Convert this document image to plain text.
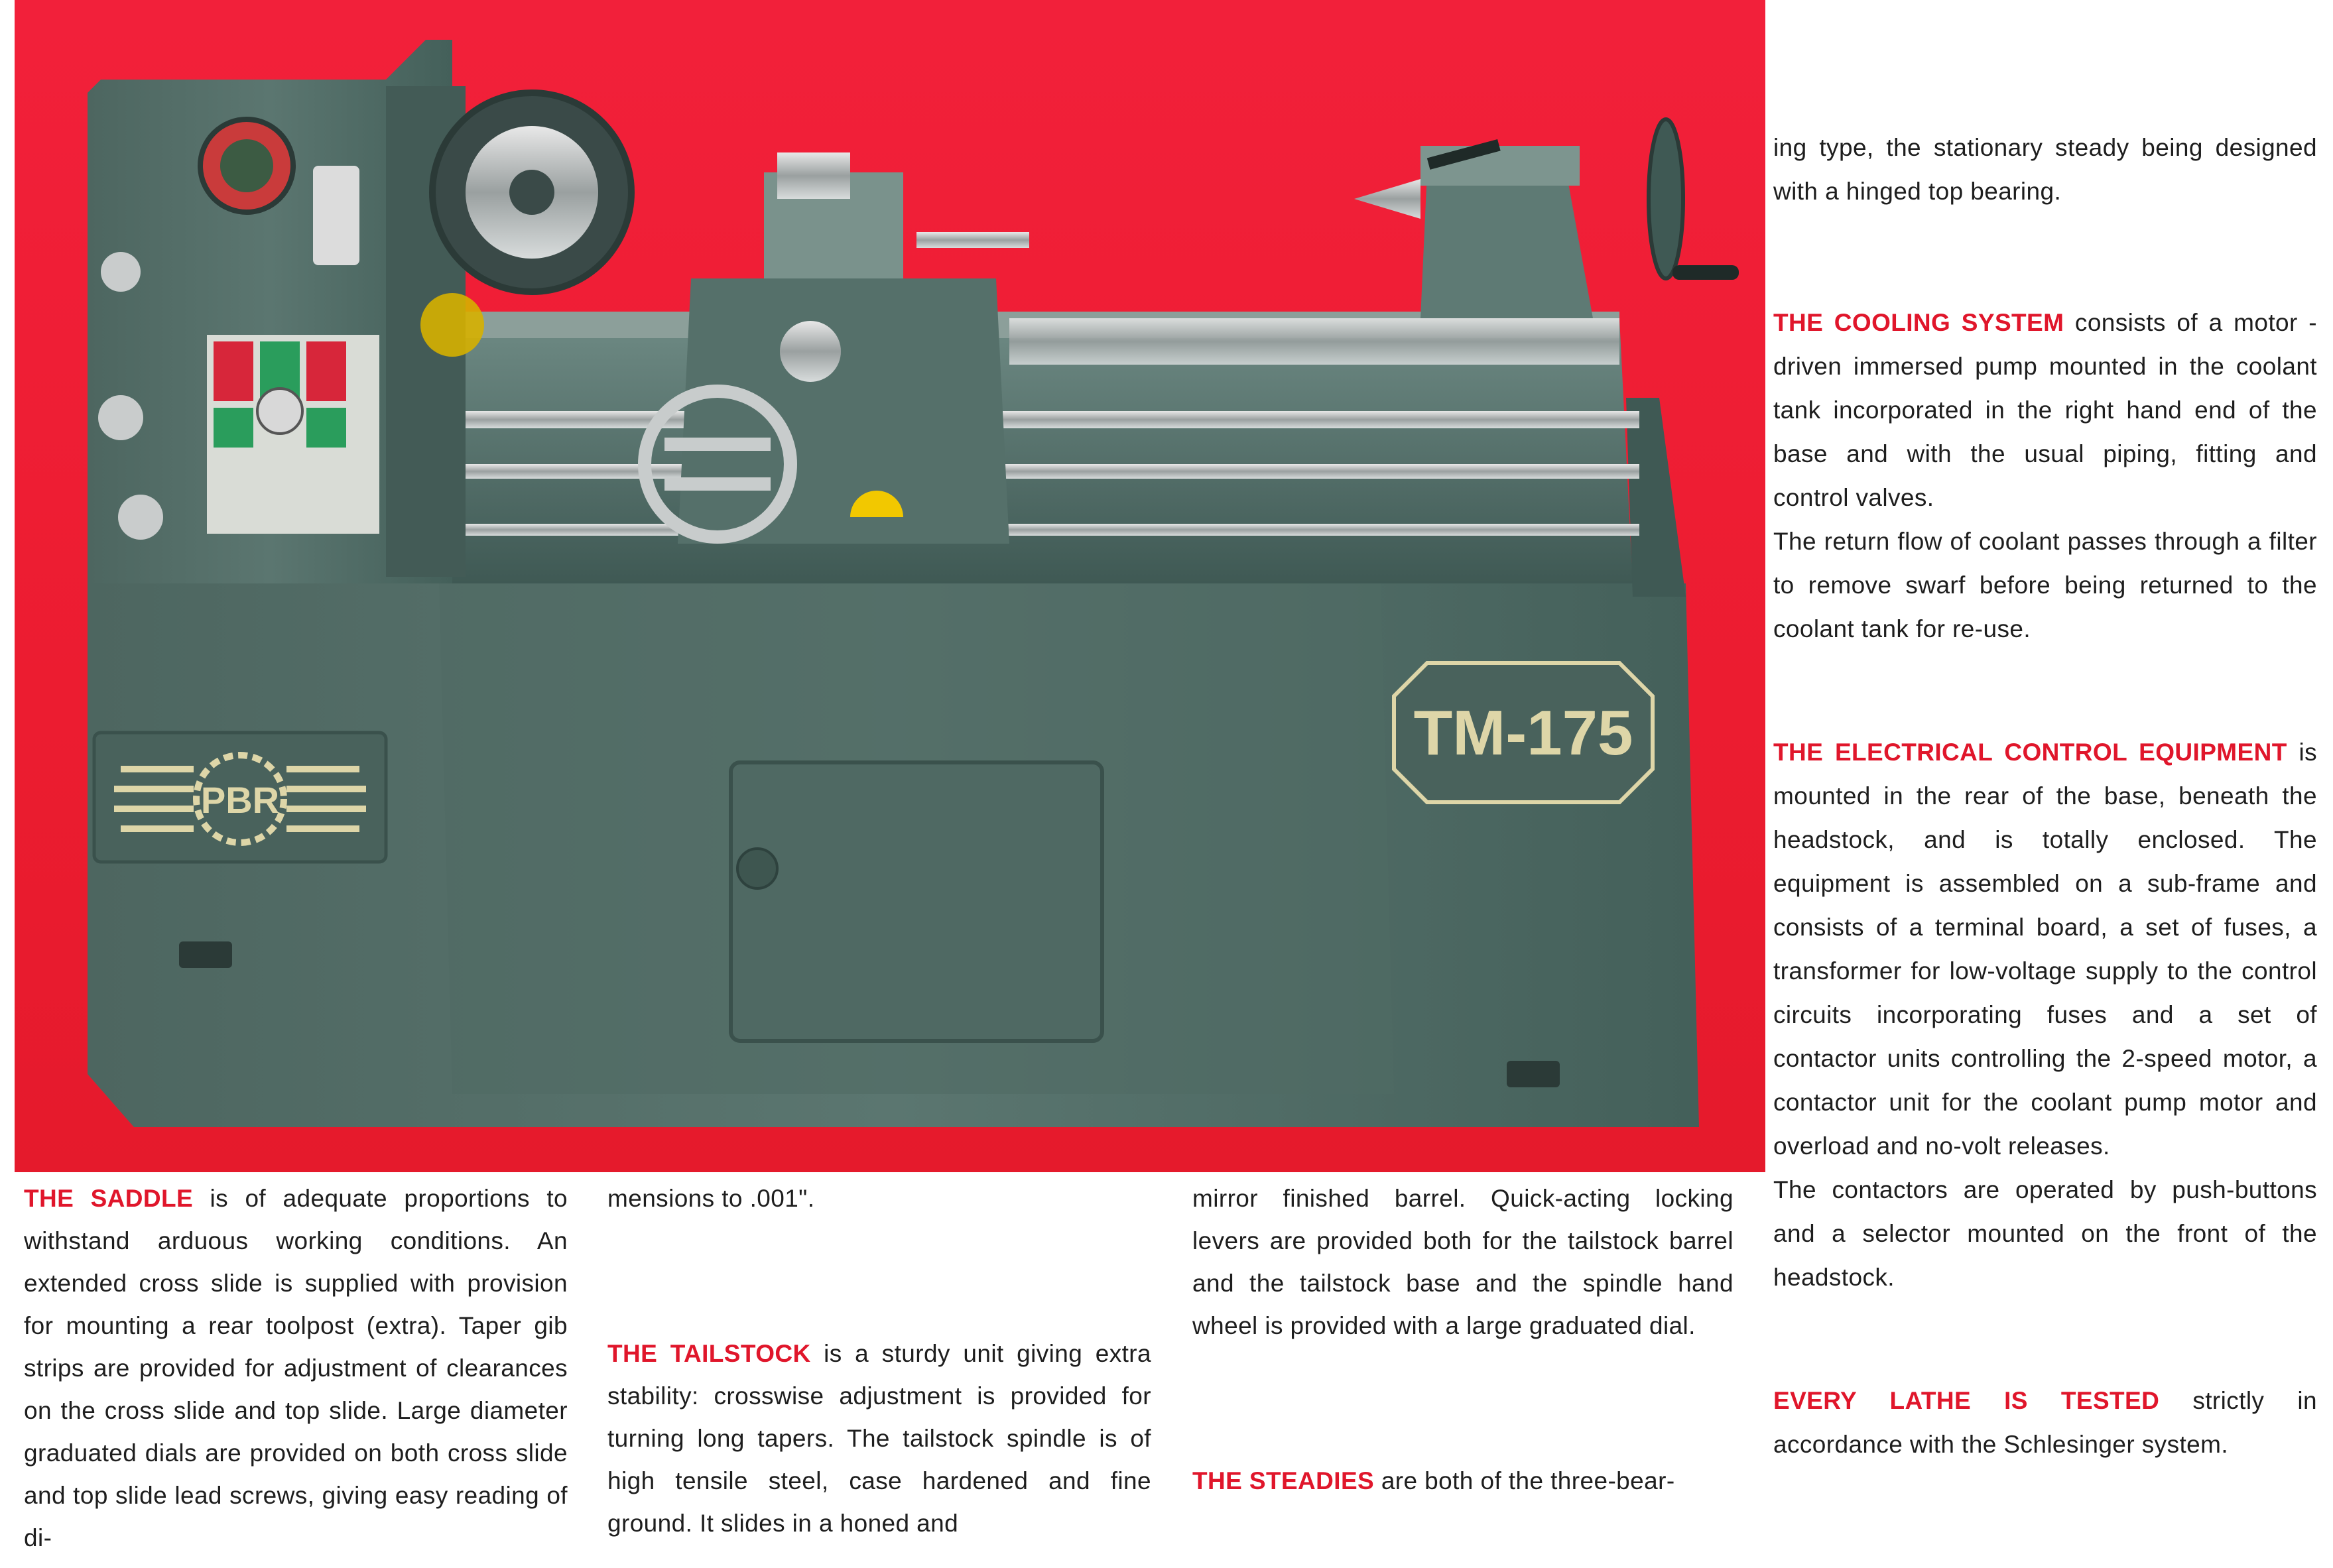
PBR
TM-175

THE SADDLE is of adequate proportions to withstand arduous working conditions. An extended cross slide is supplied with provision for mounting a rear toolpost (extra). Taper gib strips are provided for adjustment of clearances on the cross slide and top slide. Large diameter graduated dials are provided on both cross slide and top slide lead screws, giving easy reading of di-

mensions to .001".

THE TAILSTOCK is a sturdy unit giving extra stability: crosswise adjustment is provided for turning long tapers. The tailstock spindle is of high tensile steel, case hardened and fine ground. It slides in a honed and

mirror finished barrel. Quick-acting locking levers are provided both for the tailstock barrel and the tailstock base and the spindle hand wheel is provided with a large graduated dial.

THE STEADIES are both of the three-bear-

ing type, the stationary steady being designed with a hinged top bearing.

THE COOLING SYSTEM consists of a motor -driven immersed pump mounted in the coolant tank incorporated in the right hand end of the base and with the usual piping, fitting and control valves.

The return flow of coolant passes through a filter to remove swarf before being returned to the coolant tank for re-use.

THE ELECTRICAL CONTROL EQUIPMENT is mounted in the rear of the base, beneath the headstock, and is totally enclosed. The equipment is assembled on a sub-frame and consists of a terminal board, a set of fuses, a transformer for low-voltage supply to the control circuits incorporating fuses and a set of contactor units controlling the 2-speed motor, a contactor unit for the coolant pump motor and overload and no-volt releases.

The contactors are operated by push-buttons and a selector mounted on the front of the headstock.

EVERY LATHE IS TESTED strictly in accordance with the Schlesinger system.
